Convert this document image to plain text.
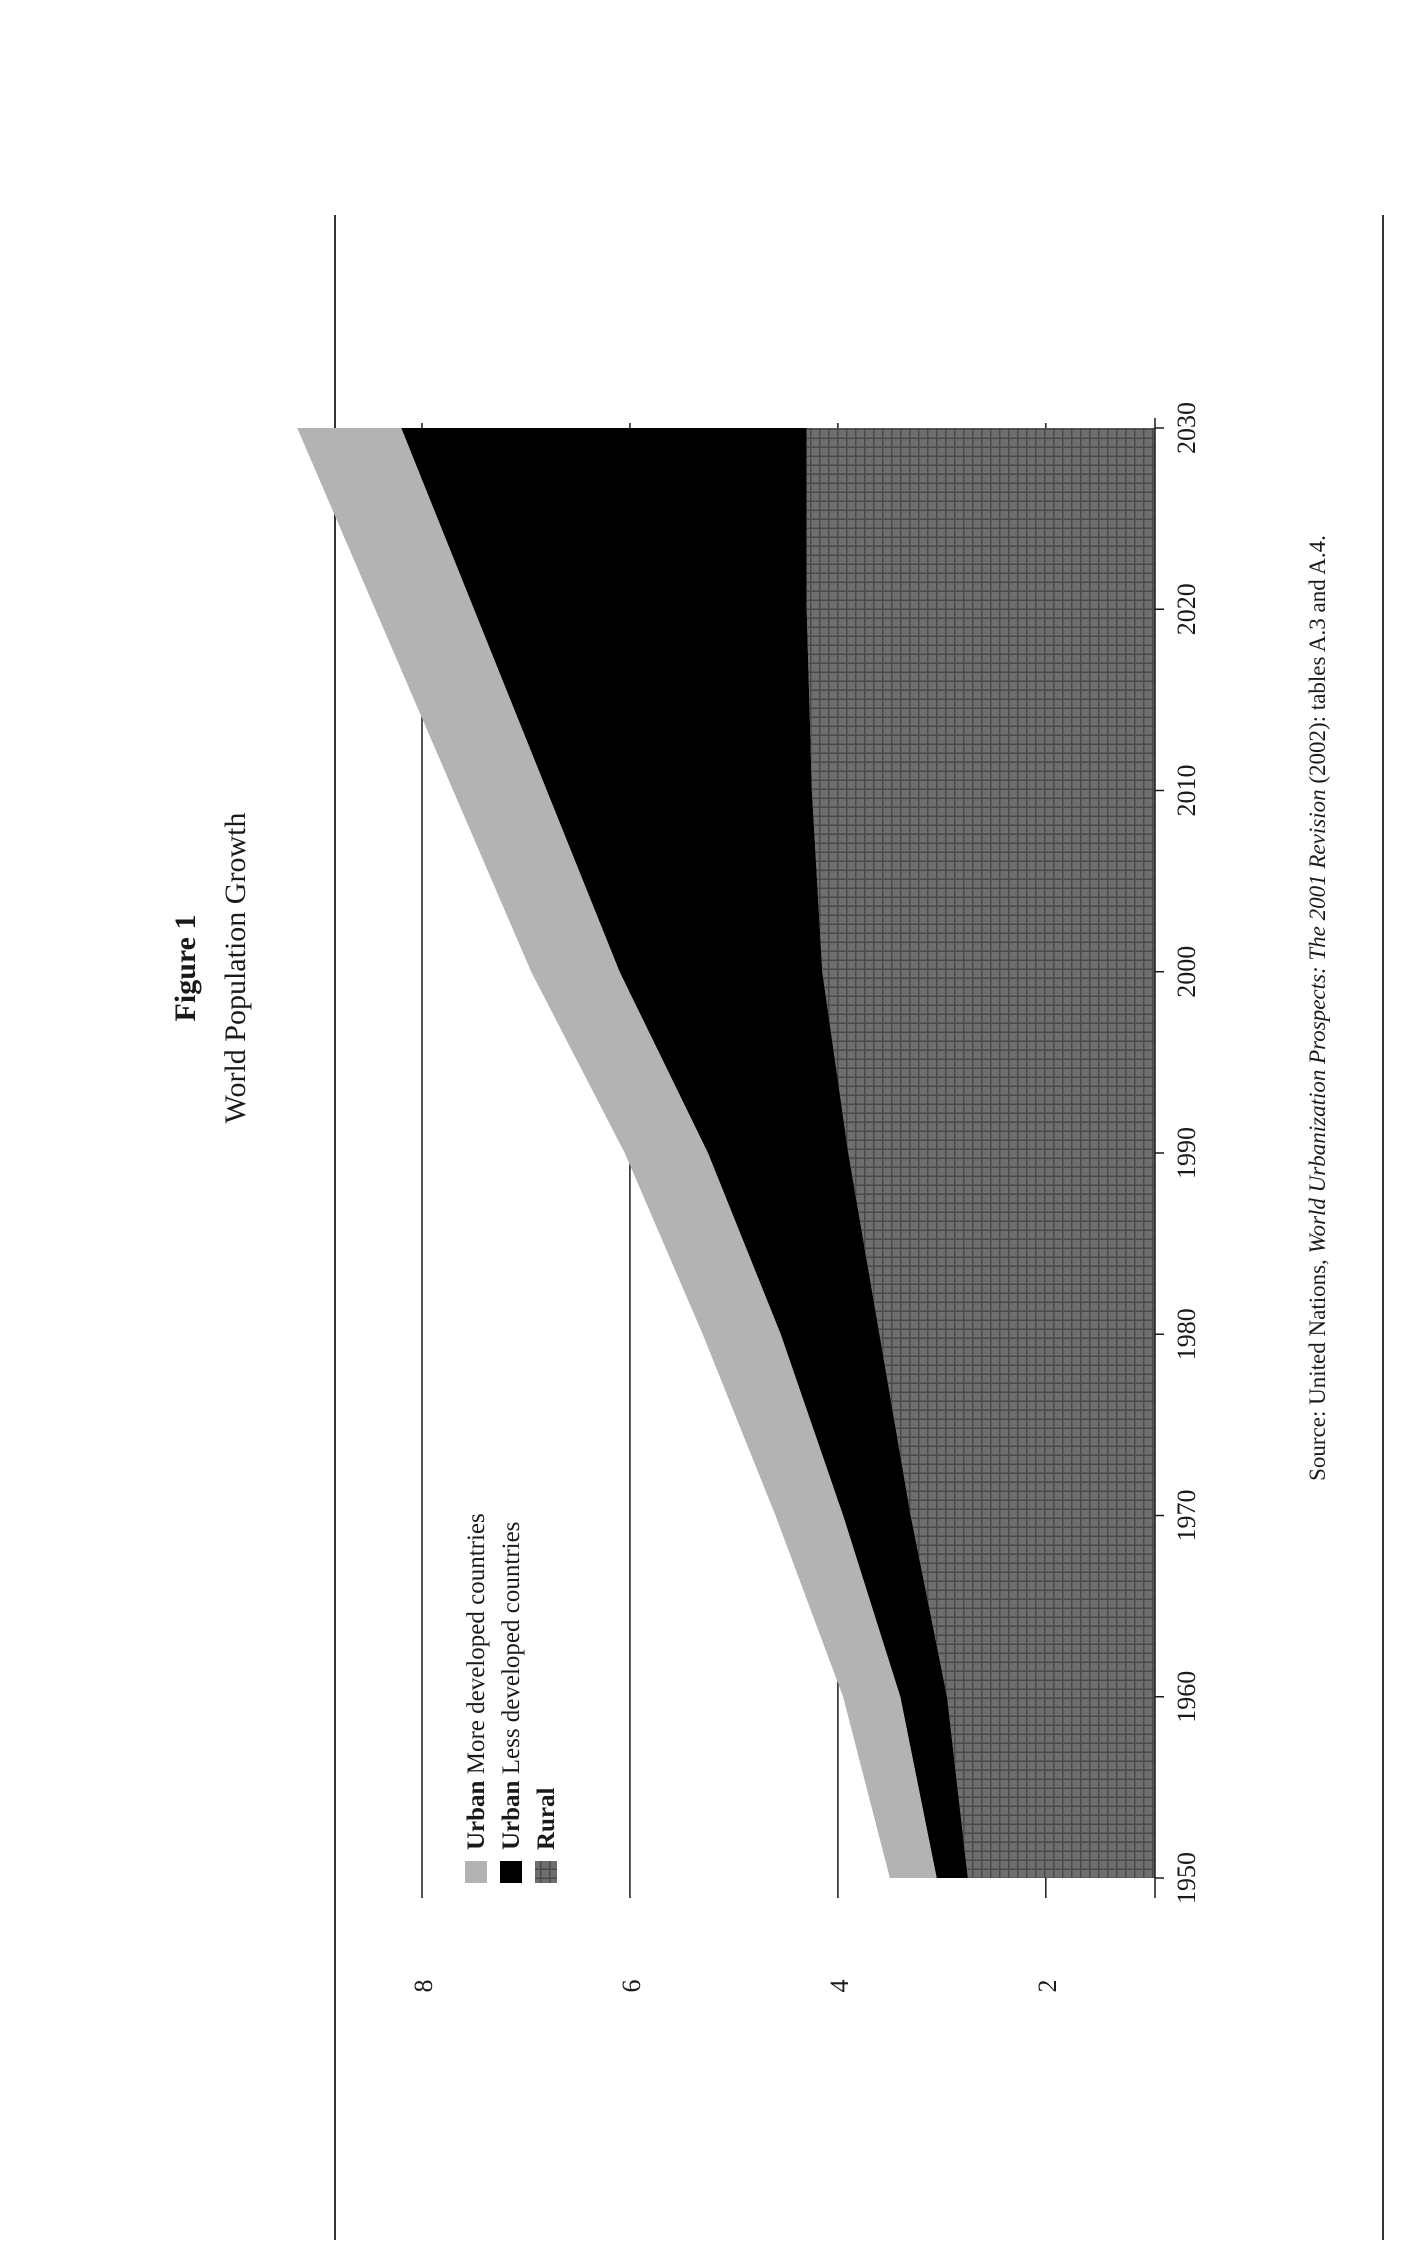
Figure 1 World Population Growth
2
4
6
8
1950
1960
1970
1980
1990
2000
2010
2020
2030
Urban More developed countries
Urban Less developed countries
Rural
Source: United Nations, World Urbanization Prospects: The 2001 Revision (2002): tables A.3 and A.4.
